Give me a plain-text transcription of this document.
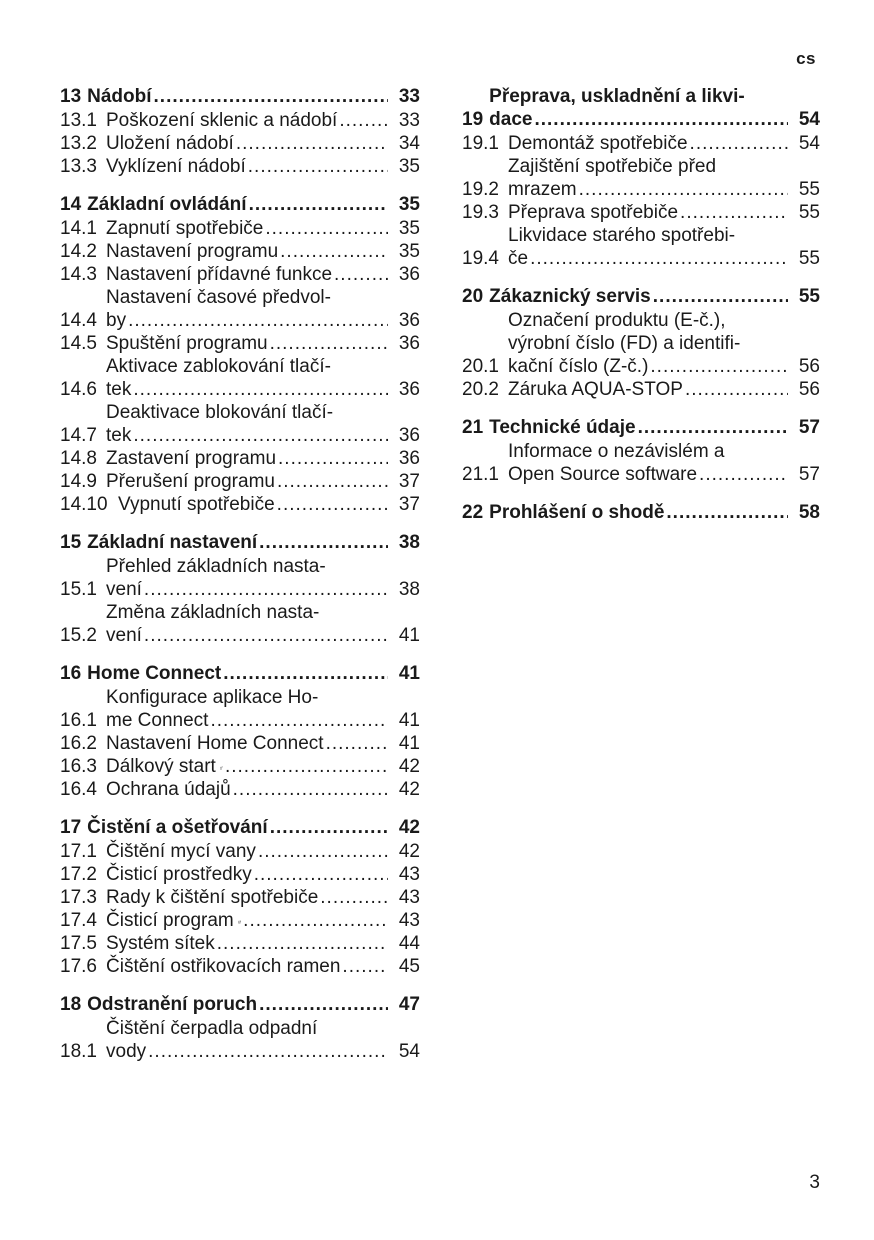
cs
13 Nádobí .....	33
13.1 Poškození sklenic a nádobí .....	33
13.2 Uložení nádobí .....	34
13.3 Vyklízení nádobí .....	35
14 Základní ovládání .....	35
14.1 Zapnutí spotřebiče .....	35
14.2 Nastavení programu .....	35
14.3 Nastavení přídavné funkce .....	36
14.4
Nastavení časové předvol-
by .....	36
14.5 Spuštění programu .....	36
14.6
Aktivace zablokování tlačí-
tek .....	36
14.7
Deaktivace blokování tlačí-
tek .....	36
14.8 Zastavení programu .....	36
14.9 Přerušení programu .....	37
14.10 Vypnutí spotřebiče .....	37
15 Základní nastavení .....	38
15.1
Přehled základních nasta-
vení .....	38
15.2
Změna základních nasta-
vení .....	41
16 Home Connect .....	41
16.1
Konfigurace aplikace Ho-
me Connect .....	41
16.2 Nastavení Home Connect .....	41
16.3 Dálkový start .....	42
16.4 Ochrana údajů .....	42
17 Čistění a ošetřování .....	42
17.1 Čištění mycí vany .....	42
17.2 Čisticí prostředky .....	43
17.3 Rady k čištění spotřebiče .....	43
17.4 Čisticí program .....	43
17.5 Systém sítek .....	44
17.6 Čištění ostřikovacích ramen .....	45
18 Odstranění poruch .....	47
18.1
Čištění čerpadla odpadní
vody .....	54
19
Přeprava, uskladnění a likvi-
dace .....	54
19.1 Demontáž spotřebiče .....	54
19.2
Zajištění spotřebiče před
mrazem .....	55
19.3 Přeprava spotřebiče .....	55
19.4
Likvidace starého spotřebi-
če .....	55
20 Zákaznický servis .....	55
20.1
Označení produktu (E-č.),
výrobní číslo (FD) a identifi-
kační číslo (Z-č.) .....	56
20.2 Záruka AQUA-STOP .....	56
21 Technické údaje .....	57
21.1
Informace o nezávislém a
Open Source software .....	57
22 Prohlášení o shodě .....	58
3
